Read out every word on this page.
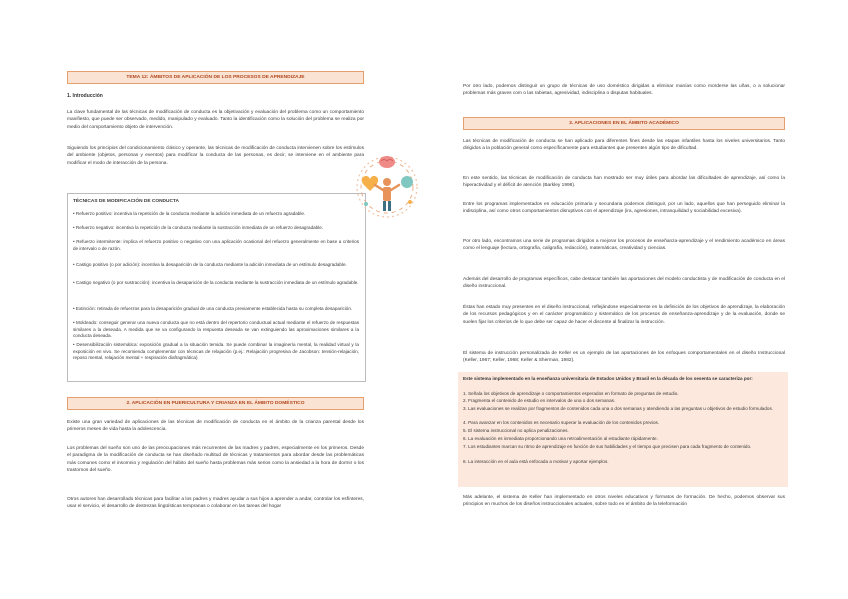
TEMA 12: ÁMBITOS DE APLICACIÓN DE LOS PROCESOS DE APRENDIZAJE
1. Introducción

La clave fundamental de las técnicas de modificación de conducta es la objetivación y evaluación del problema como un comportamiento manifiesto, que puede ser observado, medido, manipulado y evaluado. Tanto la identificación como la solución del problema se realiza por medio del comportamiento objeto de intervención.

Siguiendo los principios del condicionamiento clásico y operante, las técnicas de modificación de conducta intervienen sobre los estímulos del ambiente (objetos, personas y eventos) para modificar la conducta de las personas, es decir, se interviene en el ambiente para modificar el modo de interacción de la persona.

TÉCNICAS DE MODIFICACIÓN DE CONDUCTA

• Refuerzo positivo: incentiva la repetición de la conducta mediante la adición inmediata de un refuerzo agradable.

• Refuerzo negativo: incentiva la repetición de la conducta mediante la sustracción inmediata de un refuerzo desagradable.

• Refuerzo intermitente: implica el refuerzo positivo o negativo con una aplicación ocasional del refuerzo generalmente en base a criterios de intervalo o de razón.

• Castigo positivo (o por adición): incentiva la desaparición de la conducta mediante la adición inmediata de un estímulo desagradable.

• Castigo negativo (o por sustracción): incentiva la desaparición de la conducta mediante la sustracción inmediata de un estímulo agradable.

• Extinción: retirada de refuerzos para la desaparición gradual de una conducta previamente establecida hasta su completa desaparición.

• Moldeado: conseguir generar una nueva conducta que no está dentro del repertorio conductual actual mediante el refuerzo de respuestas similares a la deseada. A medida que se va configurando la respuesta deseada se van extinguiendo las aproximaciones similares a la conducta deseada.

• Desensibilización sistemática: exposición gradual a la situación temida. Se puede combinar la imaginería mental, la realidad virtual y la exposición en vivo. Se recomienda complementar con técnicas de relajación (p.ej.: Relajación progresiva de Jacobson: tensión-relajación, reposo mental, relajación mental + respiración diafragmática)

2. APLICACIÓN EN PUERICULTURA Y CRIANZA EN EL ÁMBITO DOMÉSTICO

Existe una gran variedad de aplicaciones de las técnicas de modificación de conducta en el ámbito de la crianza parental desde los primeros meses de vida hasta la adolescencia.

Los problemas del sueño son uno de las preocupaciones más recurrentes de las madres y padres, especialmente en los primeros. Desde el paradigma de la modificación de conducta se han diseñado multitud de técnicas y tratamientos para abordar desde las problemáticas más comunes como el insomnio y regulación del hábito del sueño hasta problemas más serios como la ansiedad a la hora de dormir o los trastornos del sueño.

Otros autores han desarrollado técnicas para facilitar a los padres y madres ayudar a sus hijos a aprender a andar, controlar los esfínteres, usar el servicio, el desarrollo de destrezas lingüísticas tempranas o colaborar en las tareas del hogar

Por otro lado, podemos distinguir un grupo de técnicas de uso doméstico dirigidas a eliminar manías como morderse las uñas, o a solucionar problemas más graves com o las rabietas, agresividad, indisciplina o disputas habituales.

3. APLICACIONES EN EL ÁMBITO ACADÉMICO

Las técnicas de modificación de conducta se han aplicado para diferentes fines desde las etapas infantiles hasta los niveles universitarios. Tanto dirigidos a la población general como específicamente para estudiantes que presenten algún tipo de dificultad.

En este sentido, las técnicas de modificación de conducta han mostrado ser muy útiles para abordar las dificultades de aprendizaje, así como la hiperactividad y el déficit de atención (Barkley 1998).

Entre los programas implementados en educación primaria y secundaria podemos distinguir, por un lado, aquellos que han perseguido eliminar la indisciplina, así como otros comportamientos disruptivos con el aprendizaje (ira, agresiones, intranquilidad y sociabilidad excesiva).

Por otro lado, encontramos una serie de programas dirigidos a mejorar los procesos de enseñanza-aprendizaje y el rendimiento académico en áreas como el lenguaje (lectura, ortografía, caligrafía, redacción), matemáticas, creatividad y ciencias.

Además del desarrollo de programas específicos, cabe destacar también las aportaciones del modelo conductista y de modificación de conducta en el diseño instruccional.

Éstas han estado muy presentes en el diseño instruccional, reflejándose especialmente en la definición de los objetivos de aprendizaje, la elaboración de los recursos pedagógicos y en el carácter programático y sistemático de los procesos de enseñanza-aprendizaje y de la evaluación, donde se suelen fijar los criterios de lo que debe ser capaz de hacer el discente al finalizar la instrucción.

El sistema de instrucción personalizada de Keller es un ejemplo de las aportaciones de los enfoques comportamentales en el diseño Instruccional (Keller, 1967; Keller, 1968; Keller & Sherman, 1982).

Este sistema implementado en la enseñanza universitaria de Estados Unidos y Brasil en la década de los sesenta se caracteriza por:

1. Señala los objetivos de aprendizaje o comportamientos esperados en formato de preguntas de estudio.

2. Fragmenta el contenido de estudio en intervalos de una o dos semanas.

3. Las evaluaciones se realizan por fragmentos de contenidos cada una o dos semanas y atendiendo a las preguntas u objetivos de estudio formulados.

4. Para avanzar en los contenidos es necesario superar la evaluación de los contenidos previos.

5. El sistema instruccional no aplica penalizaciones.

6. La evaluación es inmediata proporcionando una retroalimentación al estudiante rápidamente.

7. Los estudiantes marcan su ritmo de aprendizaje en función de sus habilidades y el tiempo que precisen para cada fragmento de contenido.

8. La interacción en el aula está enfocada a motivar y aportar ejemplos.

Más adelante, el sistema de Keller han implementado en otros niveles educativos y formatos de formación. De hecho, podemos observar sus principios en muchos de los diseños instruccionales actuales, sobre todo en el ámbito de la teleformación
